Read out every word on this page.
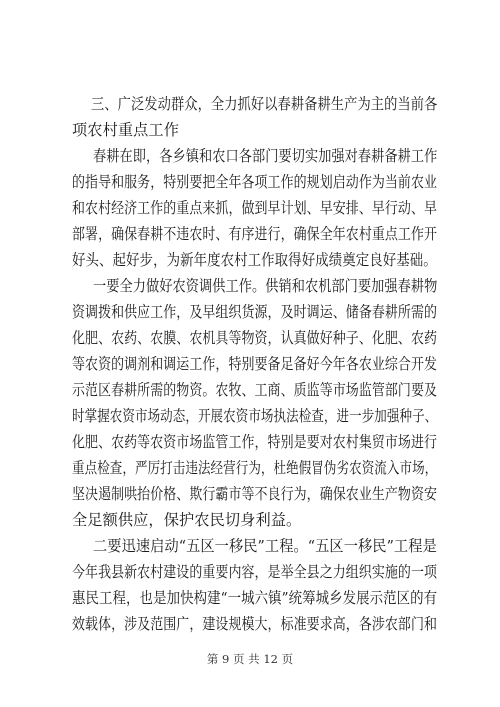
三、广泛发动群众，全力抓好以春耕备耕生产为主的当前各
项农村重点工作
春耕在即，各乡镇和农口各部门要切实加强对春耕备耕工作
的指导和服务，特别要把全年各项工作的规划启动作为当前农业
和农村经济工作的重点来抓，做到早计划、早安排、早行动、早
部署，确保春耕不违农时、有序进行，确保全年农村重点工作开
好头、起好步，为新年度农村工作取得好成绩奠定良好基础。
一要全力做好农资调供工作。供销和农机部门要加强春耕物
资调拨和供应工作，及早组织货源，及时调运、储备春耕所需的
化肥、农药、农膜、农机具等物资，认真做好种子、化肥、农药
等农资的调剂和调运工作，特别要备足备好今年各农业综合开发
示范区春耕所需的物资。农牧、工商、质监等市场监管部门要及
时掌握农资市场动态，开展农资市场执法检查，进一步加强种子、
化肥、农药等农资市场监管工作，特别是要对农村集贸市场进行
重点检查，严厉打击违法经营行为，杜绝假冒伪劣农资流入市场，
坚决遏制哄抬价格、欺行霸市等不良行为，确保农业生产物资安
全足额供应，保护农民切身利益。
二要迅速启动“五区一移民”工程。“五区一移民”工程是
今年我县新农村建设的重要内容，是举全县之力组织实施的一项
惠民工程，也是加快构建“一城六镇”统筹城乡发展示范区的有
效载体，涉及范围广，建设规模大，标准要求高，各涉农部门和
第 9 页 共 12 页
